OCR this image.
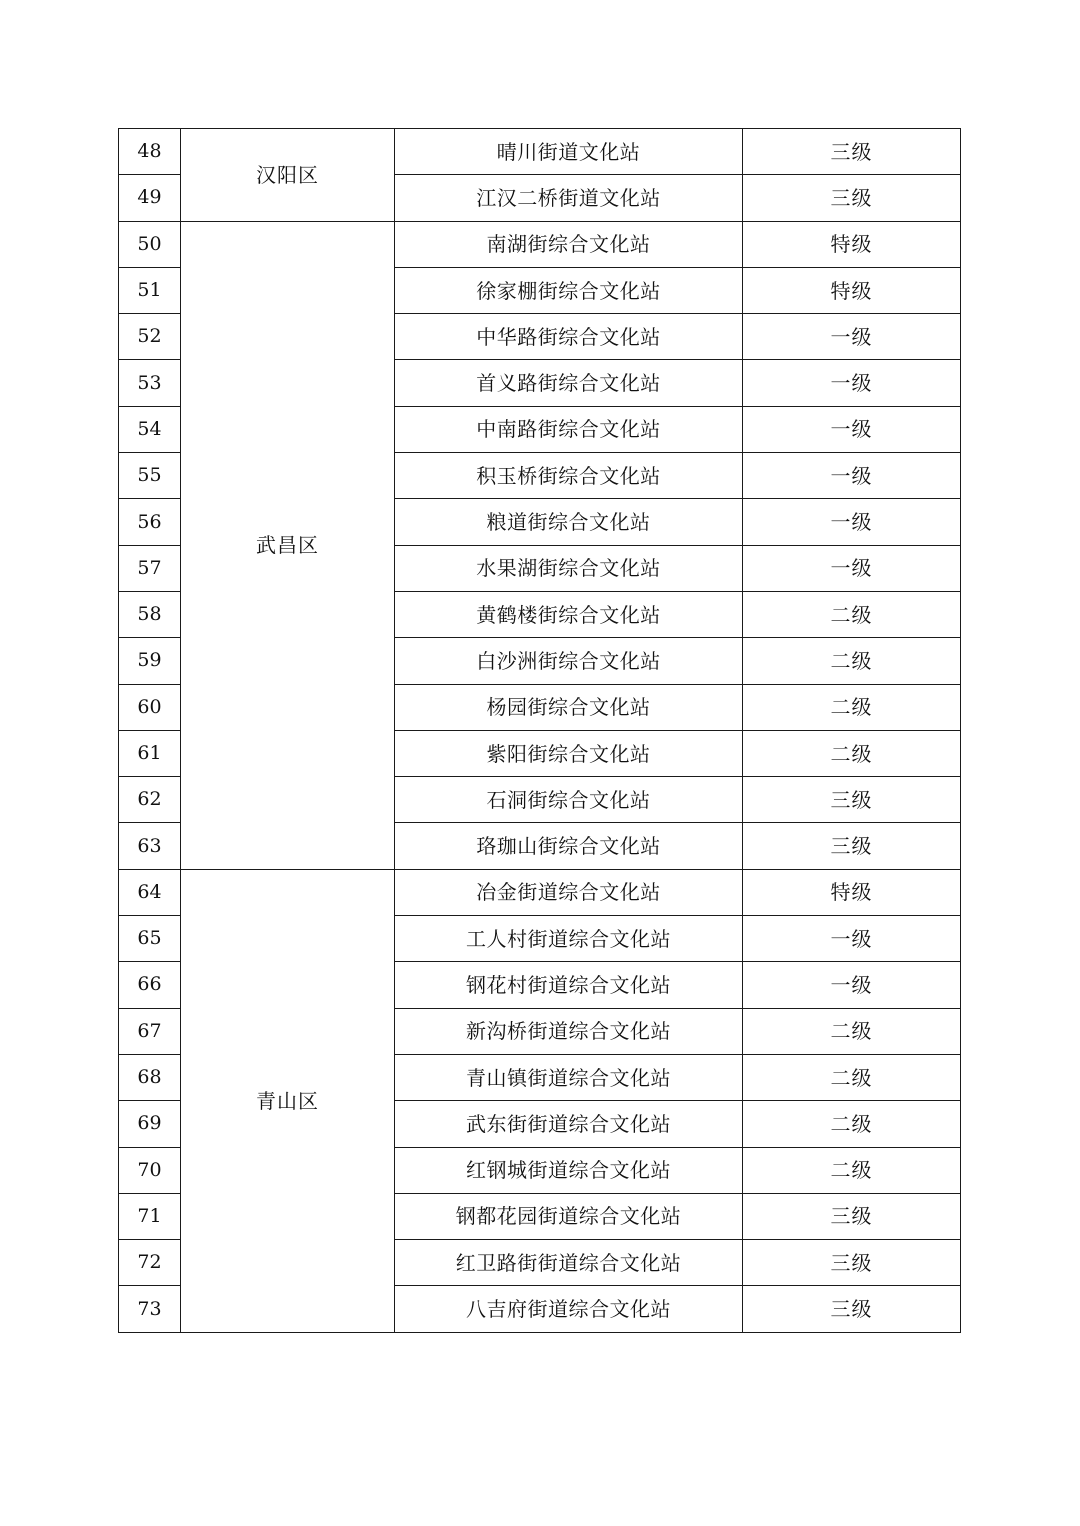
48	汉阳区	晴川街道文化站	三级
49		江汉二桥街道文化站	三级
50	武昌区	南湖街综合文化站	特级
51		徐家棚街综合文化站	特级
52		中华路街综合文化站	一级
53		首义路街综合文化站	一级
54		中南路街综合文化站	一级
55		积玉桥街综合文化站	一级
56		粮道街综合文化站	一级
57		水果湖街综合文化站	一级
58		黄鹤楼街综合文化站	二级
59		白沙洲街综合文化站	二级
60		杨园街综合文化站	二级
61		紫阳街综合文化站	二级
62		石洞街综合文化站	三级
63		珞珈山街综合文化站	三级
64	青山区	冶金街道综合文化站	特级
65		工人村街道综合文化站	一级
66		钢花村街道综合文化站	一级
67		新沟桥街道综合文化站	二级
68		青山镇街道综合文化站	二级
69		武东街街道综合文化站	二级
70		红钢城街道综合文化站	二级
71		钢都花园街道综合文化站	三级
72		红卫路街街道综合文化站	三级
73		八吉府街道综合文化站	三级
